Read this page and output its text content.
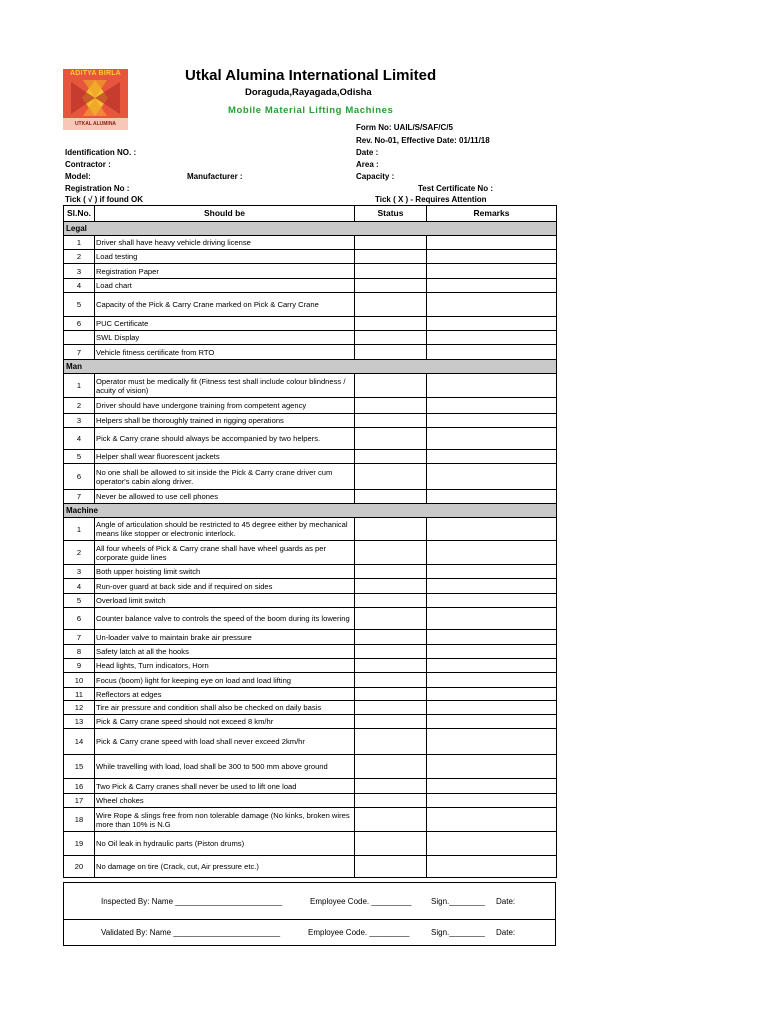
ADITYA BIRLA
UTKAL ALUMINA
Utkal Alumina International Limited
Doraguda,Rayagada,Odisha
Mobile Material Lifting Machines
Form No: UAIL/S/SAF/C/5
Rev. No-01, Effective Date: 01/11/18
Identification NO. :	Date :
Contractor :	Area :
Model:	Manufacturer :	Capacity :
Registration No :	Test Certificate No :
Tick ( √ ) if found OK	Tick ( X ) - Requires Attention
Sl.No.	Should be	Status	Remarks
Legal			
1	Driver shall have heavy vehicle driving license		
2	Load testing		
3	Registration Paper		
4	Load chart		
5	Capacity of the Pick & Carry Crane marked on Pick & Carry Crane		
6	PUC Certificate		
	SWL Display		
7	Vehicle fitness certificate from RTO		
Man			
1	Operator must be medically fit (Fitness test shall include colour blindness / acuity of vision)		
2	Driver should have undergone training from competent agency		
3	Helpers shall be thoroughly trained in rigging operations		
4	Pick & Carry crane should always be accompanied by two helpers.		
5	Helper shall wear fluorescent jackets		
6	No one shall be allowed to sit inside the Pick & Carry crane driver cum operator's cabin along driver.		
7	Never be allowed to use cell phones		
Machine			
1	Angle of articulation should be restricted to 45 degree either by mechanical means like stopper or electronic interlock.		
2	All four wheels of Pick & Carry crane shall have wheel guards as per corporate guide lines		
3	Both upper hoisting limit switch		
4	Run-over guard at back side and if required on sides		
5	Overload limit switch		
6	Counter balance valve to controls the speed of the boom during its lowering		
7	Un-loader valve to maintain brake air pressure		
8	Safety latch at all the hooks		
9	Head lights, Turn indicators, Horn		
10	Focus (boom) light for keeping eye on load and load lifting		
11	Reflectors at edges		
12	Tire air pressure and condition shall also be checked on daily basis		
13	Pick & Carry crane speed should not exceed 8 km/hr		
14	Pick & Carry crane speed with load shall never exceed 2km/hr		
15	While travelling with load, load shall be 300 to 500 mm above ground		
16	Two Pick & Carry cranes shall never be used to lift one load		
17	Wheel chokes		
18	Wire Rope & slings free from non tolerable damage (No kinks, broken wires more than 10% is N.G		
19	No Oil leak in hydraulic parts (Piston drums)		
20	No damage on tire (Crack, cut, Air pressure etc.)		
Inspected By: Name ________________________	Employee Code. _________ Sign.________ Date:
Validated By: Name ________________________	Employee Code. _________	Sign.________ Date:
